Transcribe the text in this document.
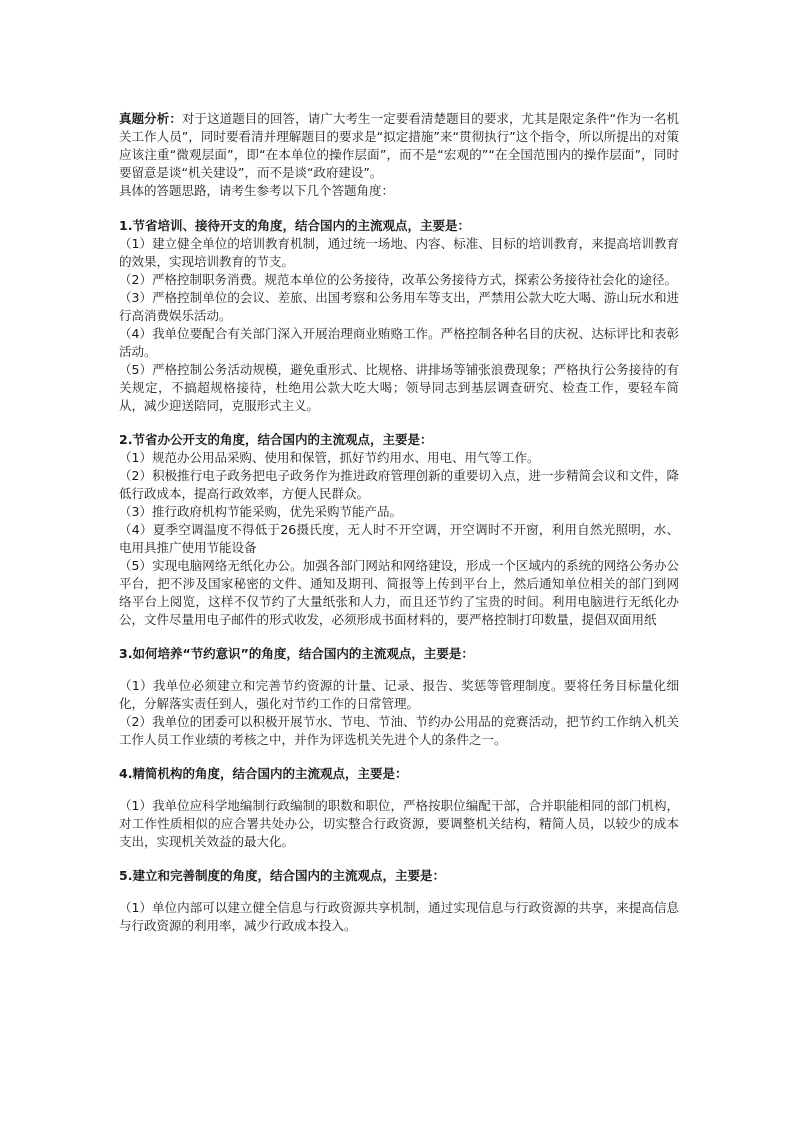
真题分析：对于这道题目的回答，请广大考生一定要看清楚题目的要求，尤其是限定条件“作为一名机关工作人员”，同时要看清并理解题目的要求是“拟定措施”来“贯彻执行”这个指令，所以所提出的对策应该注重“微观层面”，即“在本单位的操作层面”，而不是“宏观的”“在全国范围内的操作层面”，同时要留意是谈“机关建设”，而不是谈“政府建设”。

具体的答题思路，请考生参考以下几个答题角度：

1.节省培训、接待开支的角度，结合国内的主流观点，主要是：

（1）建立健全单位的培训教育机制，通过统一场地、内容、标准、目标的培训教育，来提高培训教育的效果，实现培训教育的节支。

（2）严格控制职务消费。规范本单位的公务接待，改革公务接待方式，探索公务接待社会化的途径。

（3）严格控制单位的会议、差旅、出国考察和公务用车等支出，严禁用公款大吃大喝、游山玩水和进行高消费娱乐活动。

（4）我单位要配合有关部门深入开展治理商业贿赂工作。严格控制各种名目的庆祝、达标评比和表彰活动。

（5）严格控制公务活动规模，避免重形式、比规格、讲排场等铺张浪费现象；严格执行公务接待的有关规定，不搞超规格接待，杜绝用公款大吃大喝；领导同志到基层调查研究、检查工作，要轻车简从，减少迎送陪同，克服形式主义。

2.节省办公开支的角度，结合国内的主流观点，主要是：

（1）规范办公用品采购、使用和保管，抓好节约用水、用电、用气等工作。

（2）积极推行电子政务把电子政务作为推进政府管理创新的重要切入点，进一步精简会议和文件，降低行政成本，提高行政效率，方便人民群众。

（3）推行政府机构节能采购，优先采购节能产品。

（4）夏季空调温度不得低于26摄氏度，无人时不开空调，开空调时不开窗，利用自然光照明，水、电用具推广使用节能设备

（5）实现电脑网络无纸化办公。加强各部门网站和网络建设，形成一个区域内的系统的网络公务办公平台，把不涉及国家秘密的文件、通知及期刊、简报等上传到平台上，然后通知单位相关的部门到网络平台上阅览，这样不仅节约了大量纸张和人力，而且还节约了宝贵的时间。利用电脑进行无纸化办公，文件尽量用电子邮件的形式收发，必须形成书面材料的，要严格控制打印数量，提倡双面用纸

3.如何培养“节约意识”的角度，结合国内的主流观点，主要是：

（1）我单位必须建立和完善节约资源的计量、记录、报告、奖惩等管理制度。要将任务目标量化细化，分解落实责任到人，强化对节约工作的日常管理。

（2）我单位的团委可以积极开展节水、节电、节油、节约办公用品的竞赛活动，把节约工作纳入机关工作人员工作业绩的考核之中，并作为评选机关先进个人的条件之一。

4.精简机构的角度，结合国内的主流观点，主要是：

（1）我单位应科学地编制行政编制的职数和职位，严格按职位编配干部，合并职能相同的部门机构，对工作性质相似的应合署共处办公，切实整合行政资源，要调整机关结构，精简人员，以较少的成本支出，实现机关效益的最大化。

5.建立和完善制度的角度，结合国内的主流观点，主要是：

（1）单位内部可以建立健全信息与行政资源共享机制，通过实现信息与行政资源的共享，来提高信息与行政资源的利用率，减少行政成本投入。
